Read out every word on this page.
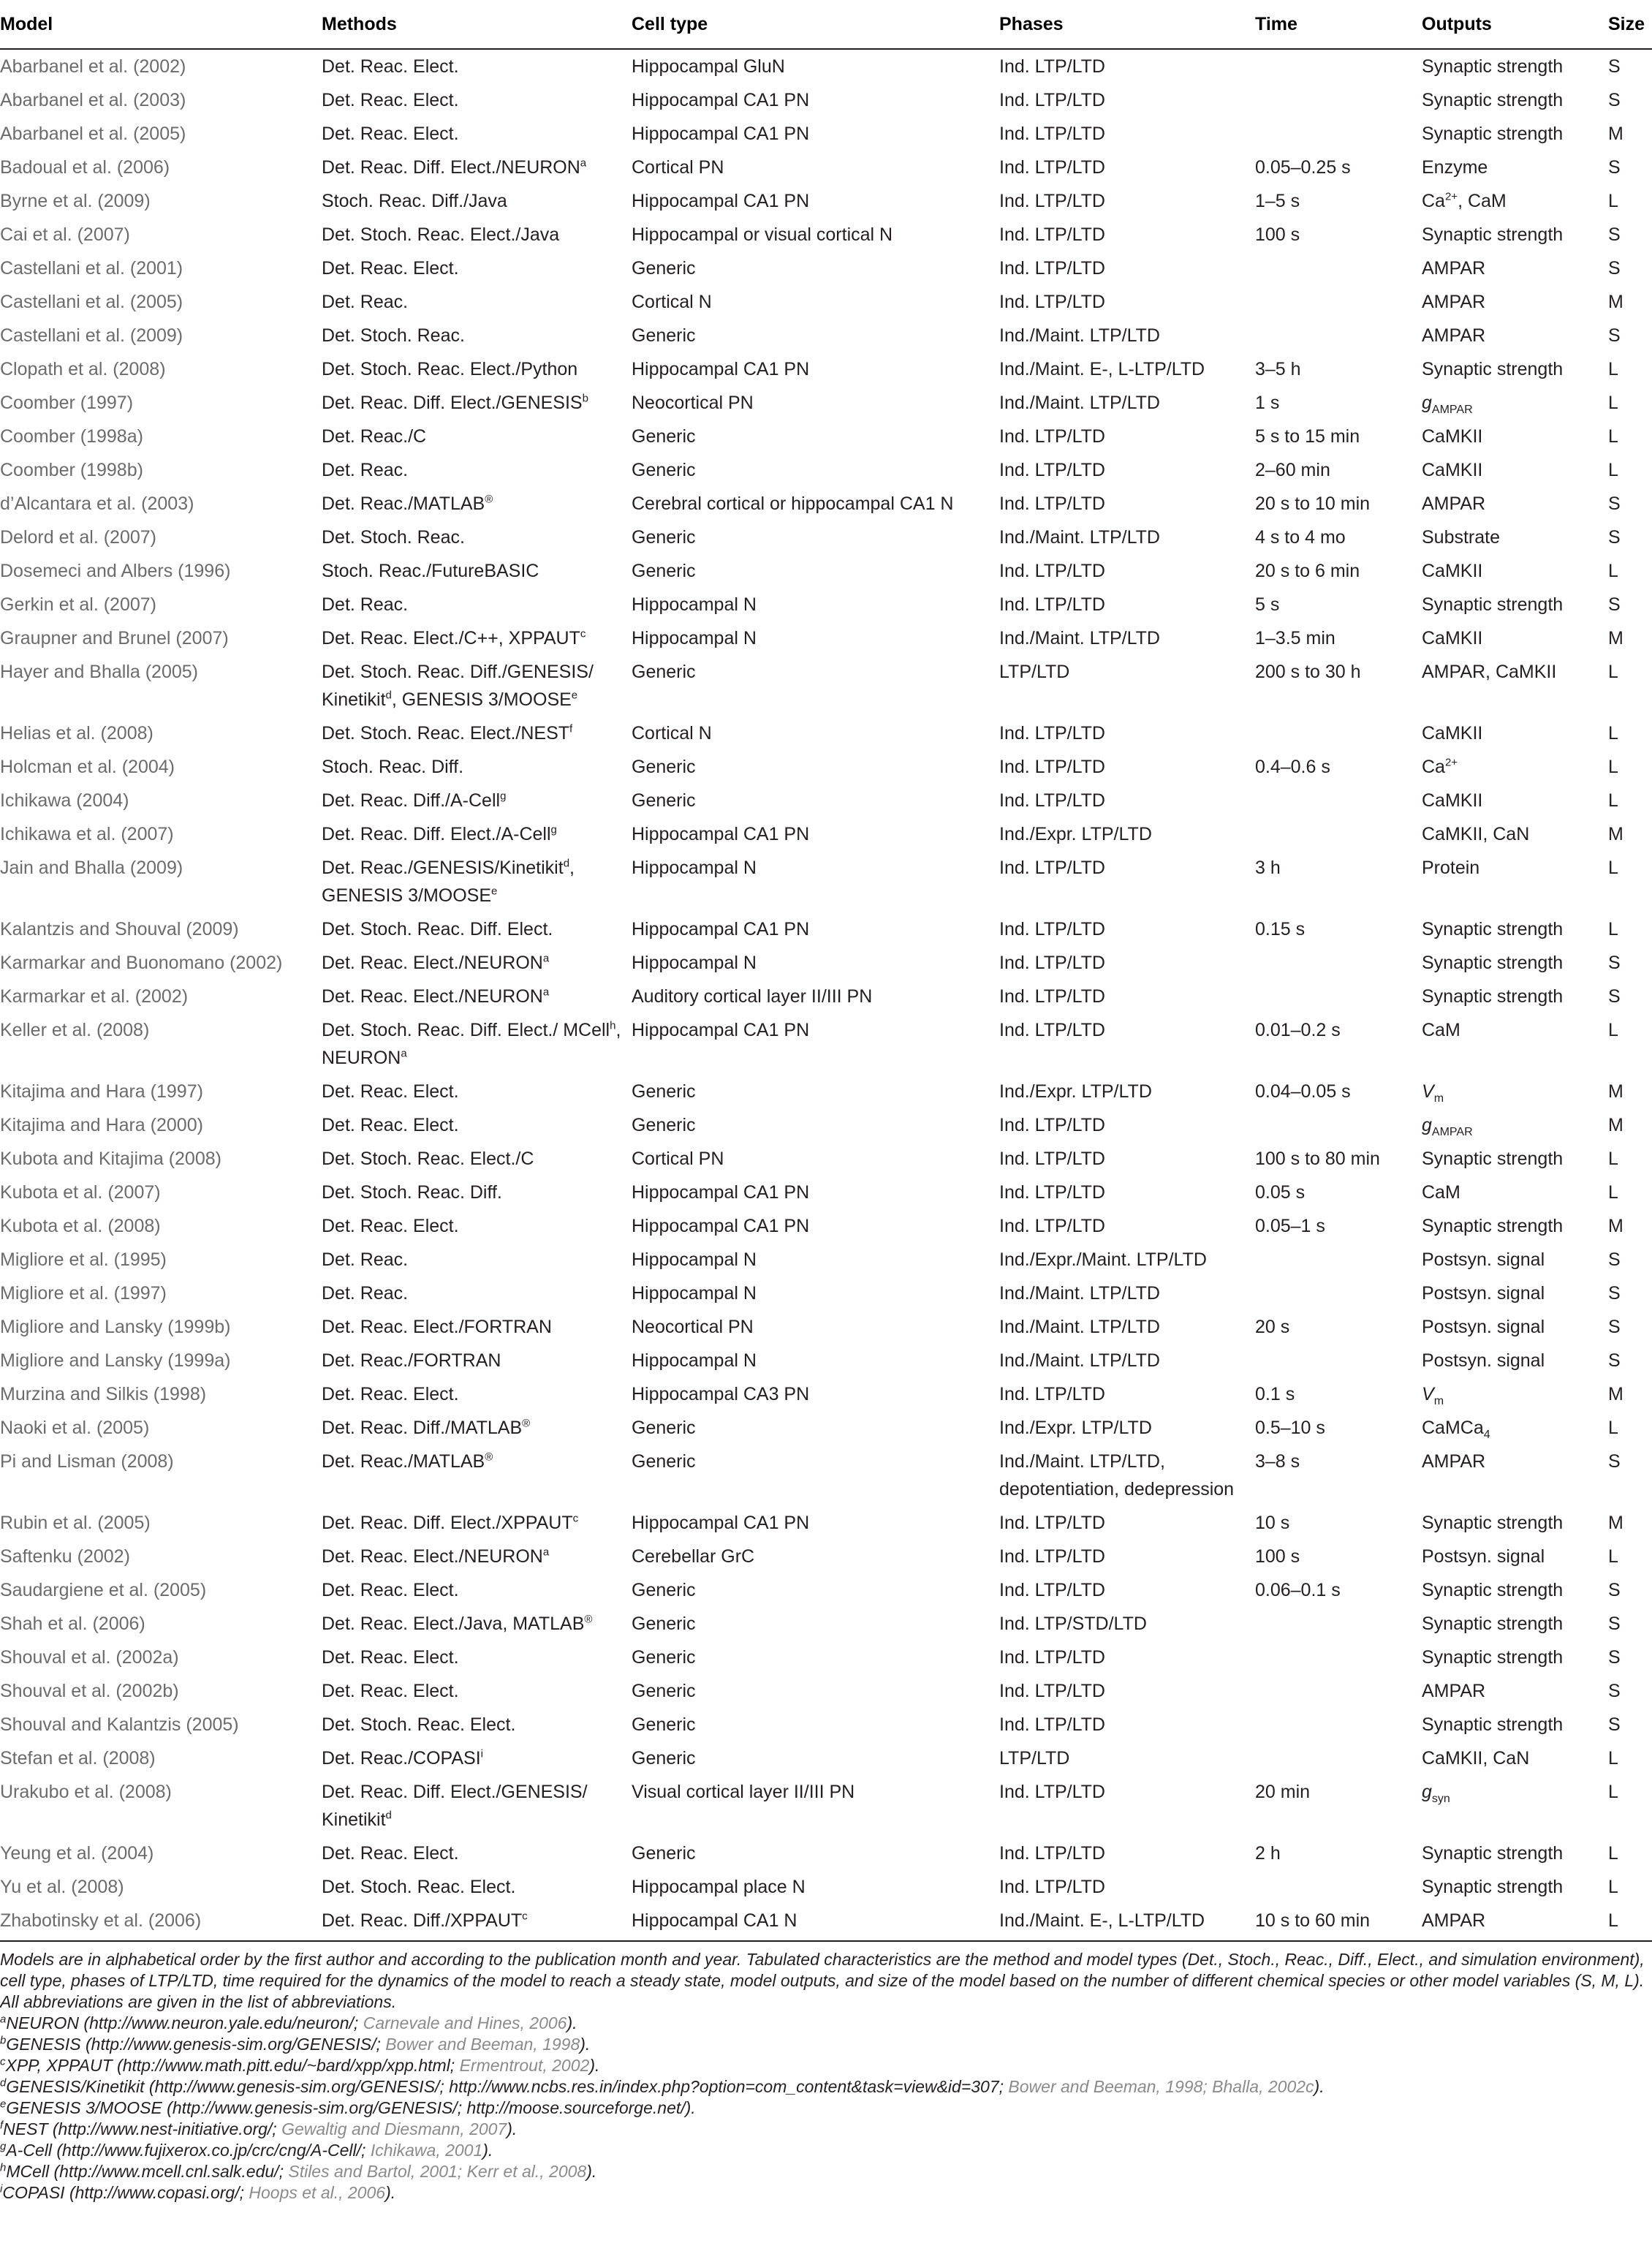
Model	Methods	Cell type	Phases	Time	Outputs	Size
Abarbanel et al. (2002)	Det. Reac. Elect.	Hippocampal GluN	Ind. LTP/LTD		Synaptic strength	S
Abarbanel et al. (2003)	Det. Reac. Elect.	Hippocampal CA1 PN	Ind. LTP/LTD		Synaptic strength	S
Abarbanel et al. (2005)	Det. Reac. Elect.	Hippocampal CA1 PN	Ind. LTP/LTD		Synaptic strength	M
Badoual et al. (2006)	Det. Reac. Diff. Elect./NEURON$^a$	Cortical PN	Ind. LTP/LTD	0.05–0.25 s	Enzyme	S
Byrne et al. (2009)	Stoch. Reac. Diff./Java	Hippocampal CA1 PN	Ind. LTP/LTD	1–5 s	$Ca^{2+}$, CaM	L
Cai et al. (2007)	Det. Stoch. Reac. Elect./Java	Hippocampal or visual cortical N	Ind. LTP/LTD	100 s	Synaptic strength	S
Castellani et al. (2001)	Det. Reac. Elect.	Generic	Ind. LTP/LTD		AMPAR	S
Castellani et al. (2005)	Det. Reac.	Cortical N	Ind. LTP/LTD		AMPAR	M
Castellani et al. (2009)	Det. Stoch. Reac.	Generic	Ind./Maint. LTP/LTD		AMPAR	S
Clopath et al. (2008)	Det. Stoch. Reac. Elect./Python	Hippocampal CA1 PN	Ind./Maint. E-, L-LTP/LTD	3–5 h	Synaptic strength	L
Coomber (1997)	Det. Reac. Diff. Elect./GENESIS$^b$	Neocortical PN	Ind./Maint. LTP/LTD	1 s	$g_{AMPAR}$	L
Coomber (1998a)	Det. Reac./C	Generic	Ind. LTP/LTD	5 s to 15 min	CaMKII	L
Coomber (1998b)	Det. Reac.	Generic	Ind. LTP/LTD	2–60 min	CaMKII	L
d’Alcantara et al. (2003)	Det. Reac./MATLAB®	Cerebral cortical or hippocampal CA1 N	Ind. LTP/LTD	20 s to 10 min	AMPAR	S
Delord et al. (2007)	Det. Stoch. Reac.	Generic	Ind./Maint. LTP/LTD	4 s to 4 mo	Substrate	S
Dosemeci and Albers (1996)	Stoch. Reac./FutureBASIC	Generic	Ind. LTP/LTD	20 s to 6 min	CaMKII	L
Gerkin et al. (2007)	Det. Reac.	Hippocampal N	Ind. LTP/LTD	5 s	Synaptic strength	S
Graupner and Brunel (2007)	Det. Reac. Elect./C++, XPPAUT$^c$	Hippocampal N	Ind./Maint. LTP/LTD	1–3.5 min	CaMKII	M
Hayer and Bhalla (2005)	Det. Stoch. Reac. Diff./GENESIS/ Kinetikit$^d$, GENESIS 3/MOOSE$^e$	Generic	LTP/LTD	200 s to 30 h	AMPAR, CaMKII	L
Helias et al. (2008)	Det. Stoch. Reac. Elect./NEST$^f$	Cortical N	Ind. LTP/LTD		CaMKII	L
Holcman et al. (2004)	Stoch. Reac. Diff.	Generic	Ind. LTP/LTD	0.4–0.6 s	$Ca^{2+}$	L
Ichikawa (2004)	Det. Reac. Diff./A-Cell$^g$	Generic	Ind. LTP/LTD		CaMKII	L
Ichikawa et al. (2007)	Det. Reac. Diff. Elect./A-Cell$^g$	Hippocampal CA1 PN	Ind./Expr. LTP/LTD		CaMKII, CaN	M
Jain and Bhalla (2009)	Det. Reac./GENESIS/Kinetikit$^d$, GENESIS 3/MOOSE$^e$	Hippocampal N	Ind. LTP/LTD	3 h	Protein	L
Kalantzis and Shouval (2009)	Det. Stoch. Reac. Diff. Elect.	Hippocampal CA1 PN	Ind. LTP/LTD	0.15 s	Synaptic strength	L
Karmarkar and Buonomano (2002)	Det. Reac. Elect./NEURON$^a$	Hippocampal N	Ind. LTP/LTD		Synaptic strength	S
Karmarkar et al. (2002)	Det. Reac. Elect./NEURON$^a$	Auditory cortical layer II/III PN	Ind. LTP/LTD		Synaptic strength	S
Keller et al. (2008)	Det. Stoch. Reac. Diff. Elect./ MCell$^h$, NEURON$^a$	Hippocampal CA1 PN	Ind. LTP/LTD	0.01–0.2 s	CaM	L
Kitajima and Hara (1997)	Det. Reac. Elect.	Generic	Ind./Expr. LTP/LTD	0.04–0.05 s	$V_m$	M
Kitajima and Hara (2000)	Det. Reac. Elect.	Generic	Ind. LTP/LTD		$g_{AMPAR}$	M
Kubota and Kitajima (2008)	Det. Stoch. Reac. Elect./C	Cortical PN	Ind. LTP/LTD	100 s to 80 min	Synaptic strength	L
Kubota et al. (2007)	Det. Stoch. Reac. Diff.	Hippocampal CA1 PN	Ind. LTP/LTD	0.05 s	CaM	L
Kubota et al. (2008)	Det. Reac. Elect.	Hippocampal CA1 PN	Ind. LTP/LTD	0.05–1 s	Synaptic strength	M
Migliore et al. (1995)	Det. Reac.	Hippocampal N	Ind./Expr./Maint. LTP/LTD		Postsyn. signal	S
Migliore et al. (1997)	Det. Reac.	Hippocampal N	Ind./Maint. LTP/LTD		Postsyn. signal	S
Migliore and Lansky (1999b)	Det. Reac. Elect./FORTRAN	Neocortical PN	Ind./Maint. LTP/LTD	20 s	Postsyn. signal	S
Migliore and Lansky (1999a)	Det. Reac./FORTRAN	Hippocampal N	Ind./Maint. LTP/LTD		Postsyn. signal	S
Murzina and Silkis (1998)	Det. Reac. Elect.	Hippocampal CA3 PN	Ind. LTP/LTD	0.1 s	$V_m$	M
Naoki et al. (2005)	Det. Reac. Diff./MATLAB®	Generic	Ind./Expr. LTP/LTD	0.5–10 s	CaMCa$_4$	L
Pi and Lisman (2008)	Det. Reac./MATLAB®	Generic	Ind./Maint. LTP/LTD, depotentiation, dedepression	3–8 s	AMPAR	S
Rubin et al. (2005)	Det. Reac. Diff. Elect./XPPAUT$^c$	Hippocampal CA1 PN	Ind. LTP/LTD	10 s	Synaptic strength	M
Saftenku (2002)	Det. Reac. Elect./NEURON$^a$	Cerebellar GrC	Ind. LTP/LTD	100 s	Postsyn. signal	L
Saudargiene et al. (2005)	Det. Reac. Elect.	Generic	Ind. LTP/LTD	0.06–0.1 s	Synaptic strength	S
Shah et al. (2006)	Det. Reac. Elect./Java, MATLAB®	Generic	Ind. LTP/STD/LTD		Synaptic strength	S
Shouval et al. (2002a)	Det. Reac. Elect.	Generic	Ind. LTP/LTD		Synaptic strength	S
Shouval et al. (2002b)	Det. Reac. Elect.	Generic	Ind. LTP/LTD		AMPAR	S
Shouval and Kalantzis (2005)	Det. Stoch. Reac. Elect.	Generic	Ind. LTP/LTD		Synaptic strength	S
Stefan et al. (2008)	Det. Reac./COPASI$^i$	Generic	LTP/LTD		CaMKII, CaN	L
Urakubo et al. (2008)	Det. Reac. Diff. Elect./GENESIS/ Kinetikit$^d$	Visual cortical layer II/III PN	Ind. LTP/LTD	20 min	$g_{syn}$	L
Yeung et al. (2004)	Det. Reac. Elect.	Generic	Ind. LTP/LTD	2 h	Synaptic strength	L
Yu et al. (2008)	Det. Stoch. Reac. Elect.	Hippocampal place N	Ind. LTP/LTD		Synaptic strength	L
Zhabotinsky et al. (2006)	Det. Reac. Diff./XPPAUT$^c$	Hippocampal CA1 N	Ind./Maint. E-, L-LTP/LTD	10 s to 60 min	AMPAR	L

Models are in alphabetical order by the first author and according to the publication month and year. Tabulated characteristics are the method and model types (Det., Stoch., Reac., Diff., Elect., and simulation environment), cell type, phases of LTP/LTD, time required for the dynamics of the model to reach a steady state, model outputs, and size of the model based on the number of different chemical species or other model variables (S, M, L). All abbreviations are given in the list of abbreviations.

$^a$NEURON (http://www.neuron.yale.edu/neuron/; Carnevale and Hines, 2006).

$^b$GENESIS (http://www.genesis-sim.org/GENESIS/; Bower and Beeman, 1998).

$^c$XPP, XPPAUT (http://www.math.pitt.edu/~bard/xpp/xpp.html; Ermentrout, 2002).

$^d$GENESIS/Kinetikit (http://www.genesis-sim.org/GENESIS/; http://www.ncbs.res.in/index.php?option=com_content&task=view&id=307; Bower and Beeman, 1998; Bhalla, 2002c).

$^e$GENESIS 3/MOOSE (http://www.genesis-sim.org/GENESIS/; http://moose.sourceforge.net/).

$^f$NEST (http://www.nest-initiative.org/; Gewaltig and Diesmann, 2007).

$^g$A-Cell (http://www.fujixerox.co.jp/crc/cng/A-Cell/; Ichikawa, 2001).

$^h$MCell (http://www.mcell.cnl.salk.edu/; Stiles and Bartol, 2001; Kerr et al., 2008).

$^i$COPASI (http://www.copasi.org/; Hoops et al., 2006).
